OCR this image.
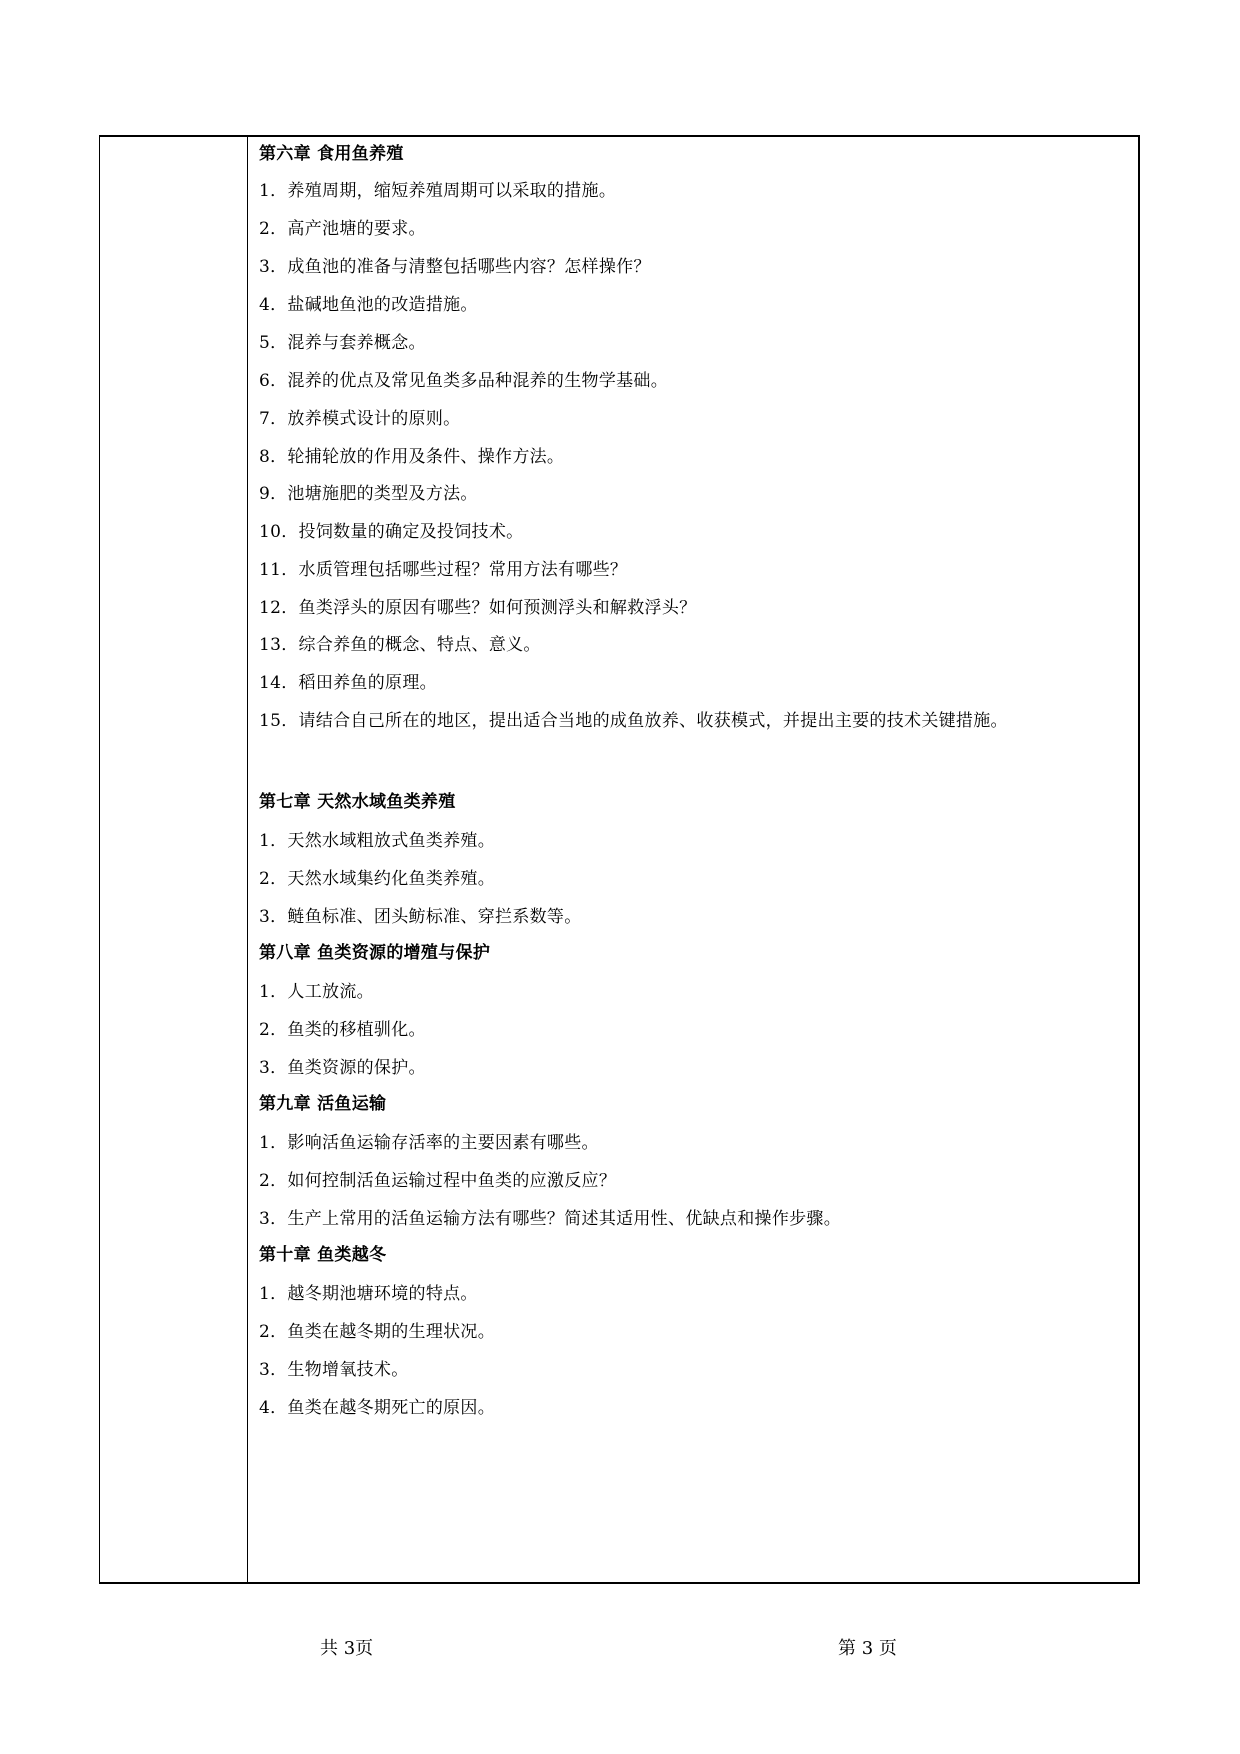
第六章 食用鱼养殖
1．养殖周期，缩短养殖周期可以采取的措施。
2．高产池塘的要求。
3．成鱼池的准备与清整包括哪些内容？怎样操作？
4．盐碱地鱼池的改造措施。
5．混养与套养概念。
6．混养的优点及常见鱼类多品种混养的生物学基础。
7．放养模式设计的原则。
8．轮捕轮放的作用及条件、操作方法。
9．池塘施肥的类型及方法。
10．投饲数量的确定及投饲技术。
11．水质管理包括哪些过程？常用方法有哪些？
12．鱼类浮头的原因有哪些？如何预测浮头和解救浮头？
13．综合养鱼的概念、特点、意义。
14．稻田养鱼的原理。
15．请结合自己所在的地区，提出适合当地的成鱼放养、收获模式，并提出主要的技术关键措施。
第七章 天然水域鱼类养殖
1．天然水域粗放式鱼类养殖。
2．天然水域集约化鱼类养殖。
3．鲢鱼标准、团头鲂标准、穿拦系数等。
第八章 鱼类资源的增殖与保护
1．人工放流。
2．鱼类的移植驯化。
3．鱼类资源的保护。
第九章 活鱼运输
1．影响活鱼运输存活率的主要因素有哪些。
2．如何控制活鱼运输过程中鱼类的应激反应？
3．生产上常用的活鱼运输方法有哪些？简述其适用性、优缺点和操作步骤。
第十章 鱼类越冬
1．越冬期池塘环境的特点。
2．鱼类在越冬期的生理状况。
3．生物增氧技术。
4．鱼类在越冬期死亡的原因。
共 3页	第 3 页
